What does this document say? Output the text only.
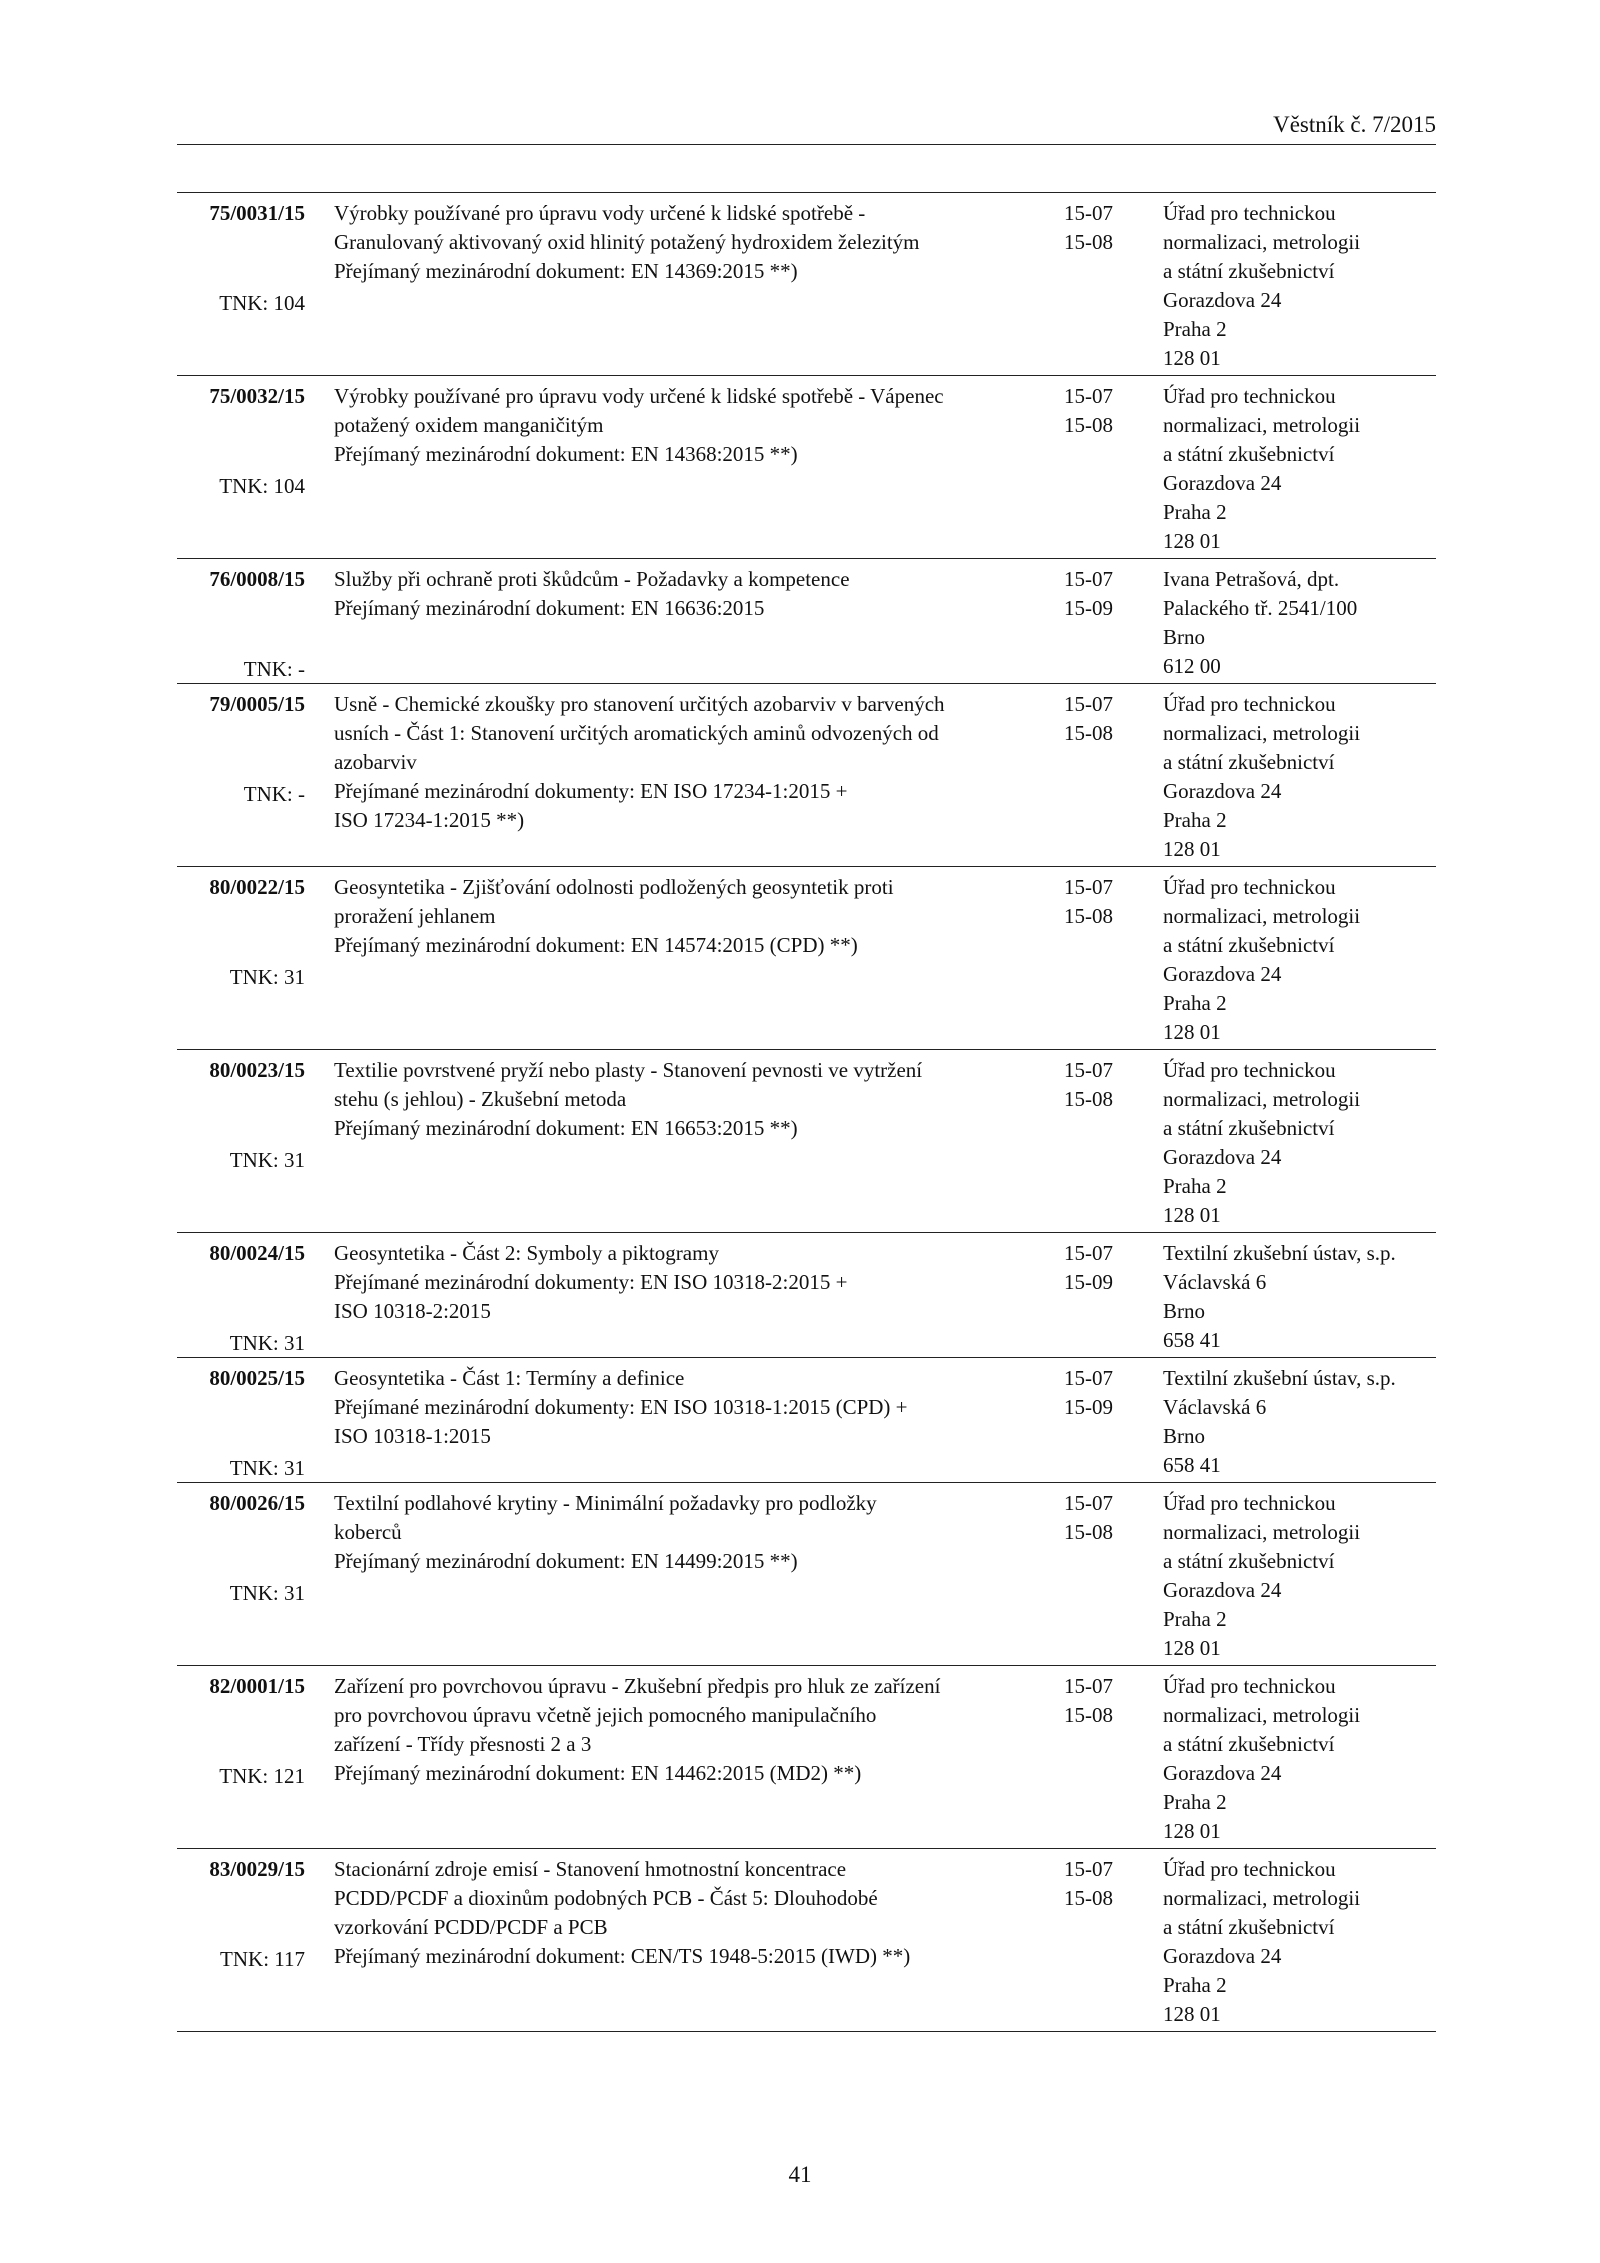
Věstník č. 7/2015
75/0031/15
TNK: 104
Výrobky používané pro úpravu vody určené k lidské spotřebě -
Granulovaný aktivovaný oxid hlinitý potažený hydroxidem železitým
Přejímaný mezinárodní dokument: EN 14369:2015 **)
15-07
15-08
Úřad pro technickou
normalizaci, metrologii
a státní zkušebnictví
Gorazdova 24
Praha 2
128 01
75/0032/15
TNK: 104
Výrobky používané pro úpravu vody určené k lidské spotřebě - Vápenec
potažený oxidem manganičitým
Přejímaný mezinárodní dokument: EN 14368:2015 **)
15-07
15-08
Úřad pro technickou
normalizaci, metrologii
a státní zkušebnictví
Gorazdova 24
Praha 2
128 01
76/0008/15
TNK: -
Služby při ochraně proti škůdcům - Požadavky a kompetence
Přejímaný mezinárodní dokument: EN 16636:2015
15-07
15-09
Ivana Petrašová, dpt.
Palackého tř. 2541/100
Brno
612 00
79/0005/15
TNK: -
Usně - Chemické zkoušky pro stanovení určitých azobarviv v barvených
usních - Část 1: Stanovení určitých aromatických aminů odvozených od
azobarviv
Přejímané mezinárodní dokumenty: EN ISO 17234-1:2015 +
ISO 17234-1:2015 **)
15-07
15-08
Úřad pro technickou
normalizaci, metrologii
a státní zkušebnictví
Gorazdova 24
Praha 2
128 01
80/0022/15
TNK: 31
Geosyntetika - Zjišťování odolnosti podložených geosyntetik proti
proražení jehlanem
Přejímaný mezinárodní dokument: EN 14574:2015 (CPD) **)
15-07
15-08
Úřad pro technickou
normalizaci, metrologii
a státní zkušebnictví
Gorazdova 24
Praha 2
128 01
80/0023/15
TNK: 31
Textilie povrstvené pryží nebo plasty - Stanovení pevnosti ve vytržení
stehu (s jehlou) - Zkušební metoda
Přejímaný mezinárodní dokument: EN 16653:2015 **)
15-07
15-08
Úřad pro technickou
normalizaci, metrologii
a státní zkušebnictví
Gorazdova 24
Praha 2
128 01
80/0024/15
TNK: 31
Geosyntetika - Část 2: Symboly a piktogramy
Přejímané mezinárodní dokumenty: EN ISO 10318-2:2015 +
ISO 10318-2:2015
15-07
15-09
Textilní zkušební ústav, s.p.
Václavská 6
Brno
658 41
80/0025/15
TNK: 31
Geosyntetika - Část 1: Termíny a definice
Přejímané mezinárodní dokumenty: EN ISO 10318-1:2015 (CPD) +
ISO 10318-1:2015
15-07
15-09
Textilní zkušební ústav, s.p.
Václavská 6
Brno
658 41
80/0026/15
TNK: 31
Textilní podlahové krytiny - Minimální požadavky pro podložky
koberců
Přejímaný mezinárodní dokument: EN 14499:2015 **)
15-07
15-08
Úřad pro technickou
normalizaci, metrologii
a státní zkušebnictví
Gorazdova 24
Praha 2
128 01
82/0001/15
TNK: 121
Zařízení pro povrchovou úpravu - Zkušební předpis pro hluk ze zařízení
pro povrchovou úpravu včetně jejich pomocného manipulačního
zařízení - Třídy přesnosti 2 a 3
Přejímaný mezinárodní dokument: EN 14462:2015 (MD2) **)
15-07
15-08
Úřad pro technickou
normalizaci, metrologii
a státní zkušebnictví
Gorazdova 24
Praha 2
128 01
83/0029/15
TNK: 117
Stacionární zdroje emisí - Stanovení hmotnostní koncentrace
PCDD/PCDF a dioxinům podobných PCB - Část 5: Dlouhodobé
vzorkování PCDD/PCDF a PCB
Přejímaný mezinárodní dokument: CEN/TS 1948-5:2015 (IWD) **)
15-07
15-08
Úřad pro technickou
normalizaci, metrologii
a státní zkušebnictví
Gorazdova 24
Praha 2
128 01
41
